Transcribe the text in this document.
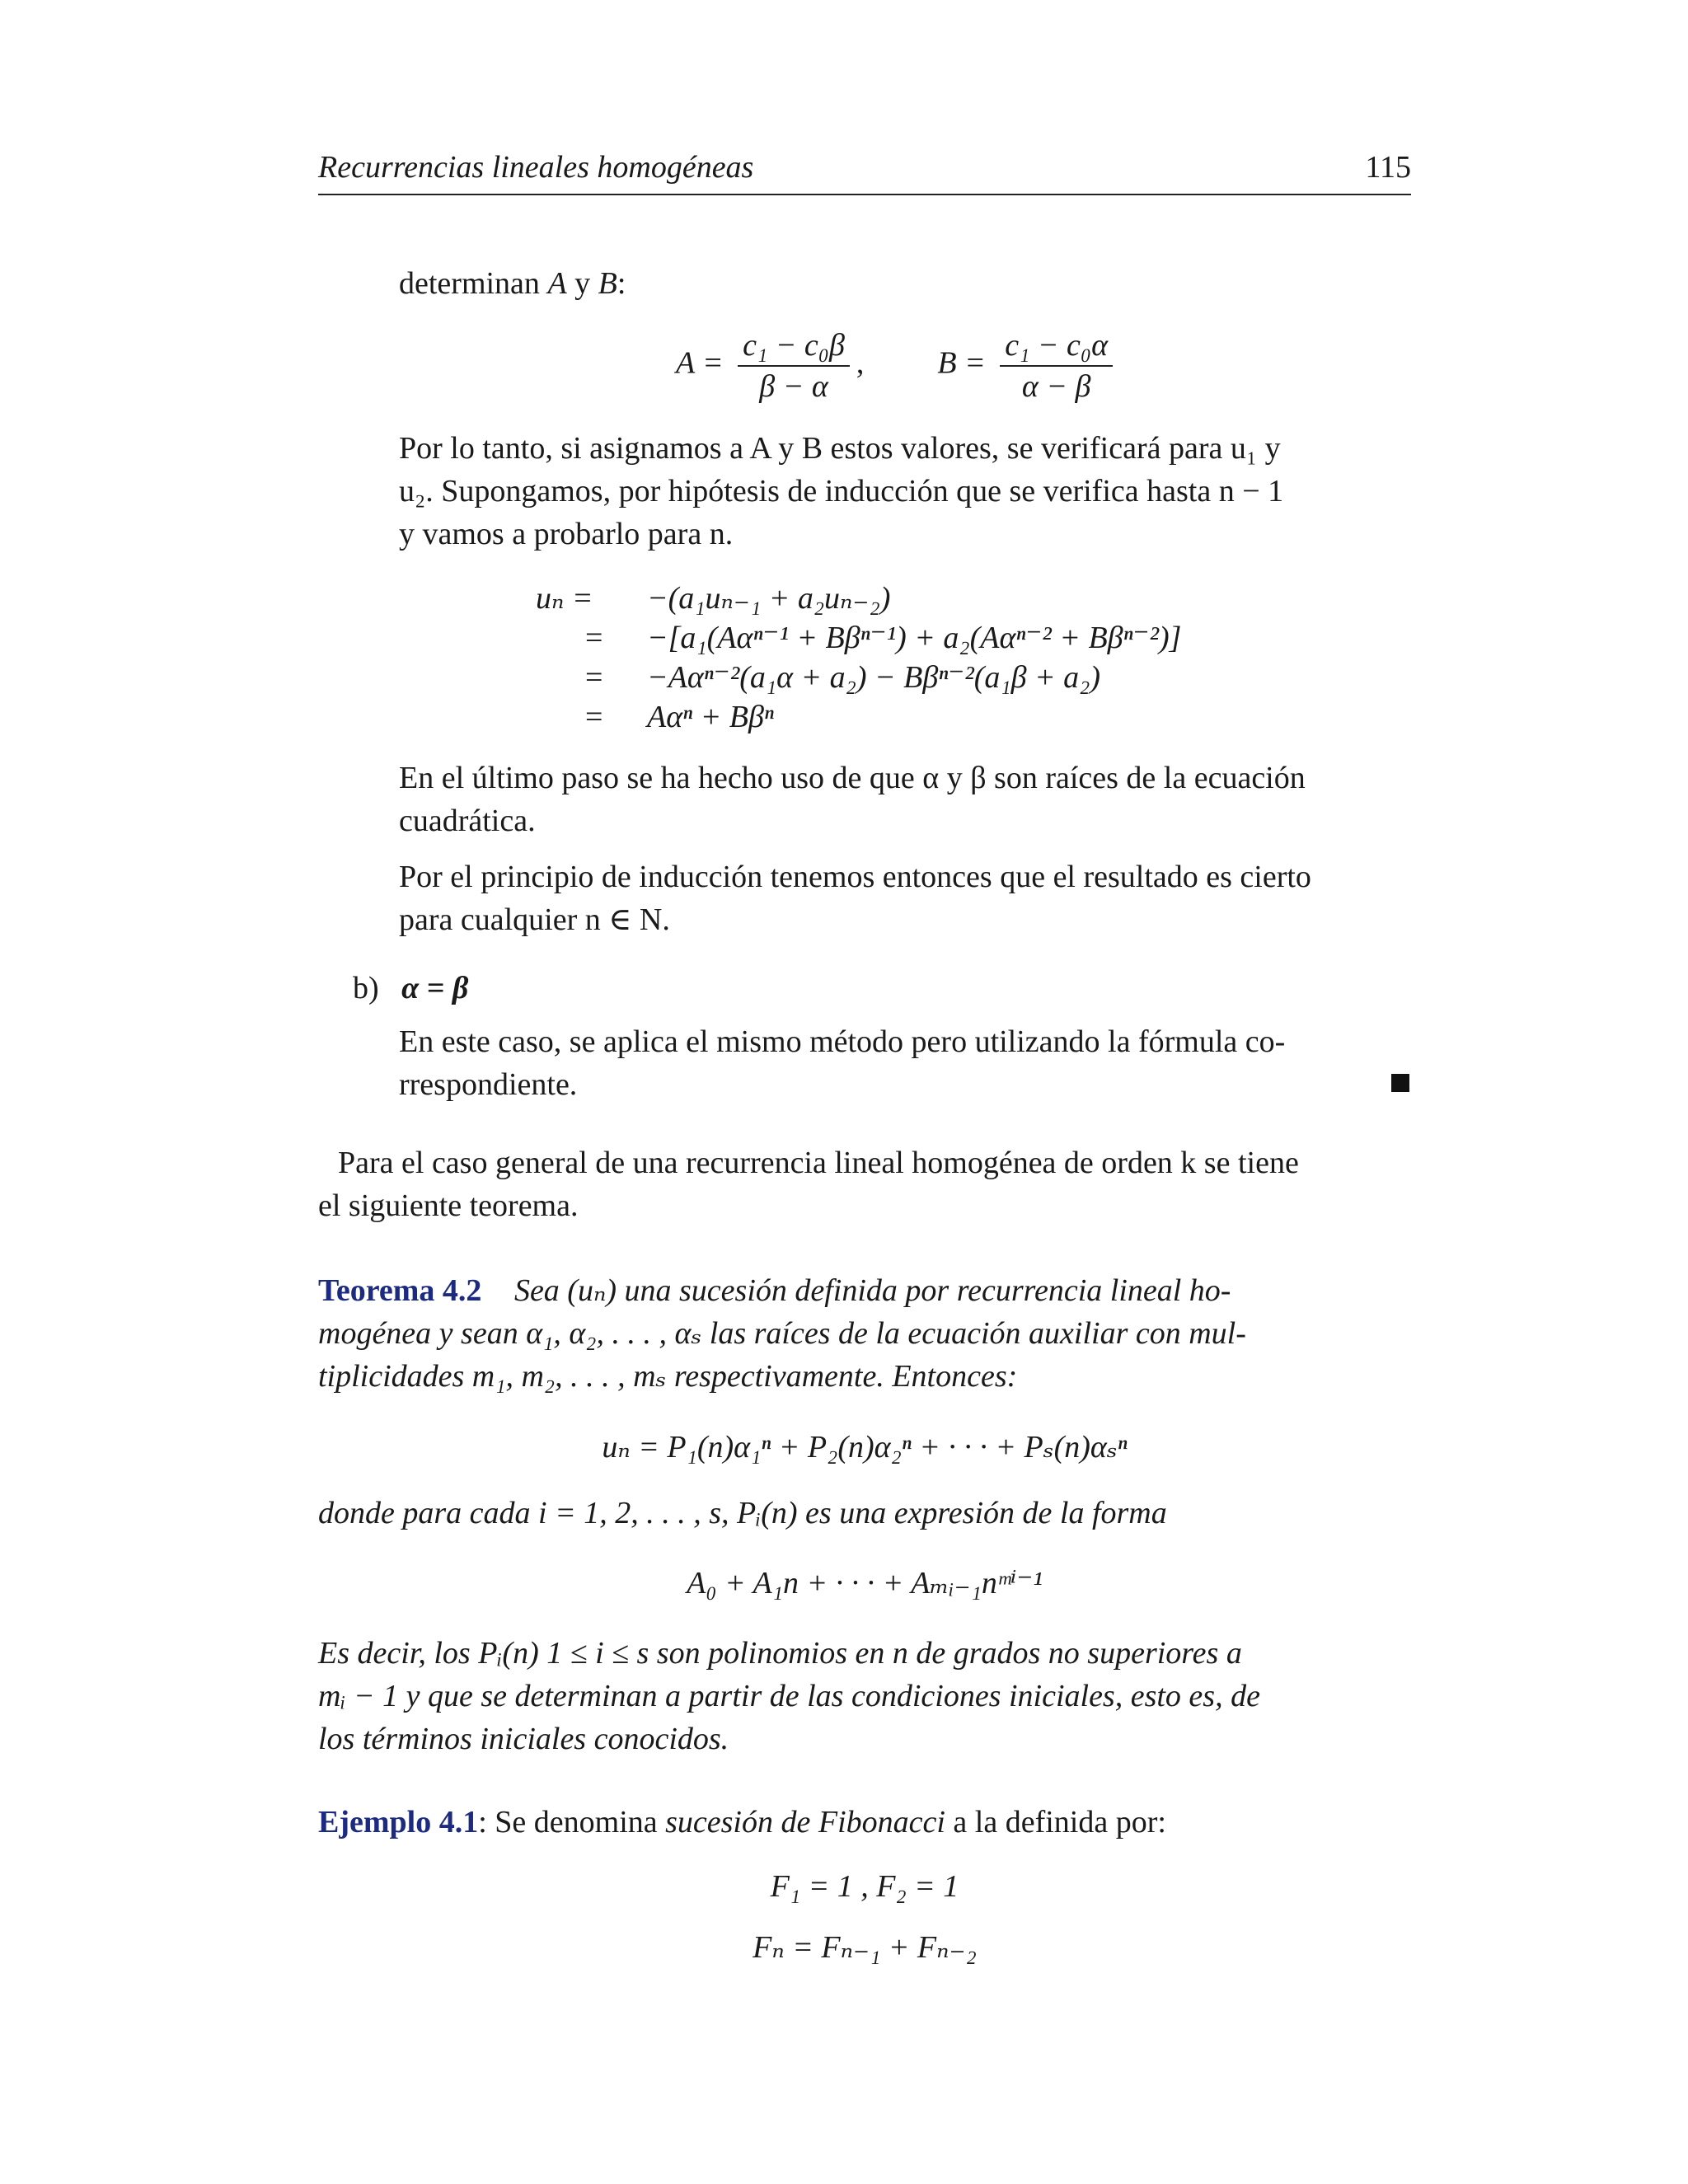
Recurrencias lineales homogéneas	115
determinan A y B:
$A = \frac{\text{c₁ − c₀β}}{\beta - \alpha}$ , $B = \frac{\text{c₁ − c₀α}}{\alpha - \beta}$

Por lo tanto, si asignamos a A y B estos valores, se verificará para u₁ y

u₂. Supongamos, por hipótesis de inducción que se verifica hasta n − 1

y vamos a probarlo para n.

uₙ = −(a₁uₙ₋₁ + a₂uₙ₋₂)
= −[a₁(Aαⁿ⁻¹ + Bβⁿ⁻¹) + a₂(Aαⁿ⁻² + Bβⁿ⁻²)]
= −Aαⁿ⁻²(a₁α + a₂) − Bβⁿ⁻²(a₁β + a₂)
= Aαⁿ + Bβⁿ

En el último paso se ha hecho uso de que α y β son raíces de la ecuación

cuadrática.

Por el principio de inducción tenemos entonces que el resultado es cierto

para cualquier n ∈ N.

b) α = β

En este caso, se aplica el mismo método pero utilizando la fórmula co-

rrespondiente.

Para el caso general de una recurrencia lineal homogénea de orden k se tiene

el siguiente teorema.

Teorema 4.2 Sea (uₙ) una sucesión definida por recurrencia lineal ho-

mogénea y sean α₁, α₂, . . . , αₛ las raíces de la ecuación auxiliar con mul-

tiplicidades m₁, m₂, . . . , mₛ respectivamente. Entonces:

uₙ = P₁(n)α₁ⁿ + P₂(n)α₂ⁿ + · · · + Pₛ(n)αₛⁿ

donde para cada i = 1, 2, . . . , s, Pᵢ(n) es una expresión de la forma

A₀ + A₁n + · · · + Aₘᵢ₋₁nᵐⁱ⁻¹

Es decir, los Pᵢ(n) 1 ≤ i ≤ s son polinomios en n de grados no superiores a

mᵢ − 1 y que se determinan a partir de las condiciones iniciales, esto es, de

los términos iniciales conocidos.

Ejemplo 4.1: Se denomina sucesión de Fibonacci a la definida por:

F₁ = 1 , F₂ = 1
Fₙ = Fₙ₋₁ + Fₙ₋₂
